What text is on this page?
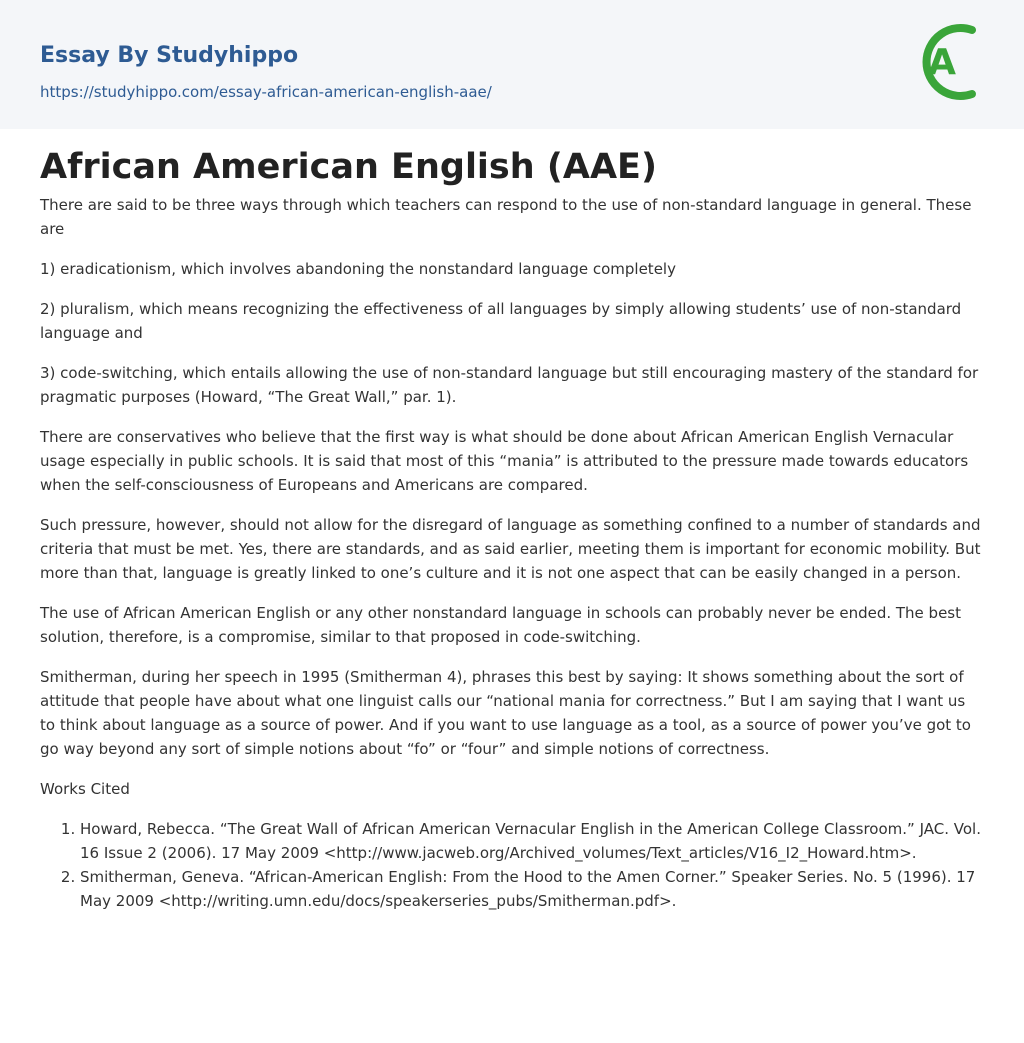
Essay By Studyhippo
https://studyhippo.com/essay-african-american-english-aae/
A
African American English (AAE)

There are said to be three ways through which teachers can respond to the use of non-standard language in general. These are

1) eradicationism, which involves abandoning the nonstandard language completely

2) pluralism, which means recognizing the effectiveness of all languages by simply allowing students’ use of non-standard language and

3) code-switching, which entails allowing the use of non-standard language but still encouraging mastery of the standard for pragmatic purposes (Howard, “The Great Wall,” par. 1).

There are conservatives who believe that the first way is what should be done about African American English Vernacular usage especially in public schools. It is said that most of this “mania” is attributed to the pressure made towards educators when the self-consciousness of Europeans and Americans are compared.

Such pressure, however, should not allow for the disregard of language as something confined to a number of standards and criteria that must be met. Yes, there are standards, and as said earlier, meeting them is important for economic mobility. But more than that, language is greatly linked to one’s culture and it is not one aspect that can be easily changed in a person.

The use of African American English or any other nonstandard language in schools can probably never be ended. The best solution, therefore, is a compromise, similar to that proposed in code-switching.

Smitherman, during her speech in 1995 (Smitherman 4), phrases this best by saying: It shows something about the sort of attitude that people have about what one linguist calls our “national mania for correctness.” But I am saying that I want us to think about language as a source of power. And if you want to use language as a tool, as a source of power you’ve got to go way beyond any sort of simple notions about “fo” or “four” and simple notions of correctness.

Works Cited

1. Howard, Rebecca. “The Great Wall of African American Vernacular English in the American College Classroom.” JAC. Vol. 16 Issue 2 (2006). 17 May 2009 <http://www.jacweb.org/Archived_volumes/Text_articles/V16_I2_Howard.htm>.
2. Smitherman, Geneva. “African-American English: From the Hood to the Amen Corner.” Speaker Series. No. 5 (1996). 17 May 2009 <http://writing.umn.edu/docs/speakerseries_pubs/Smitherman.pdf>.
